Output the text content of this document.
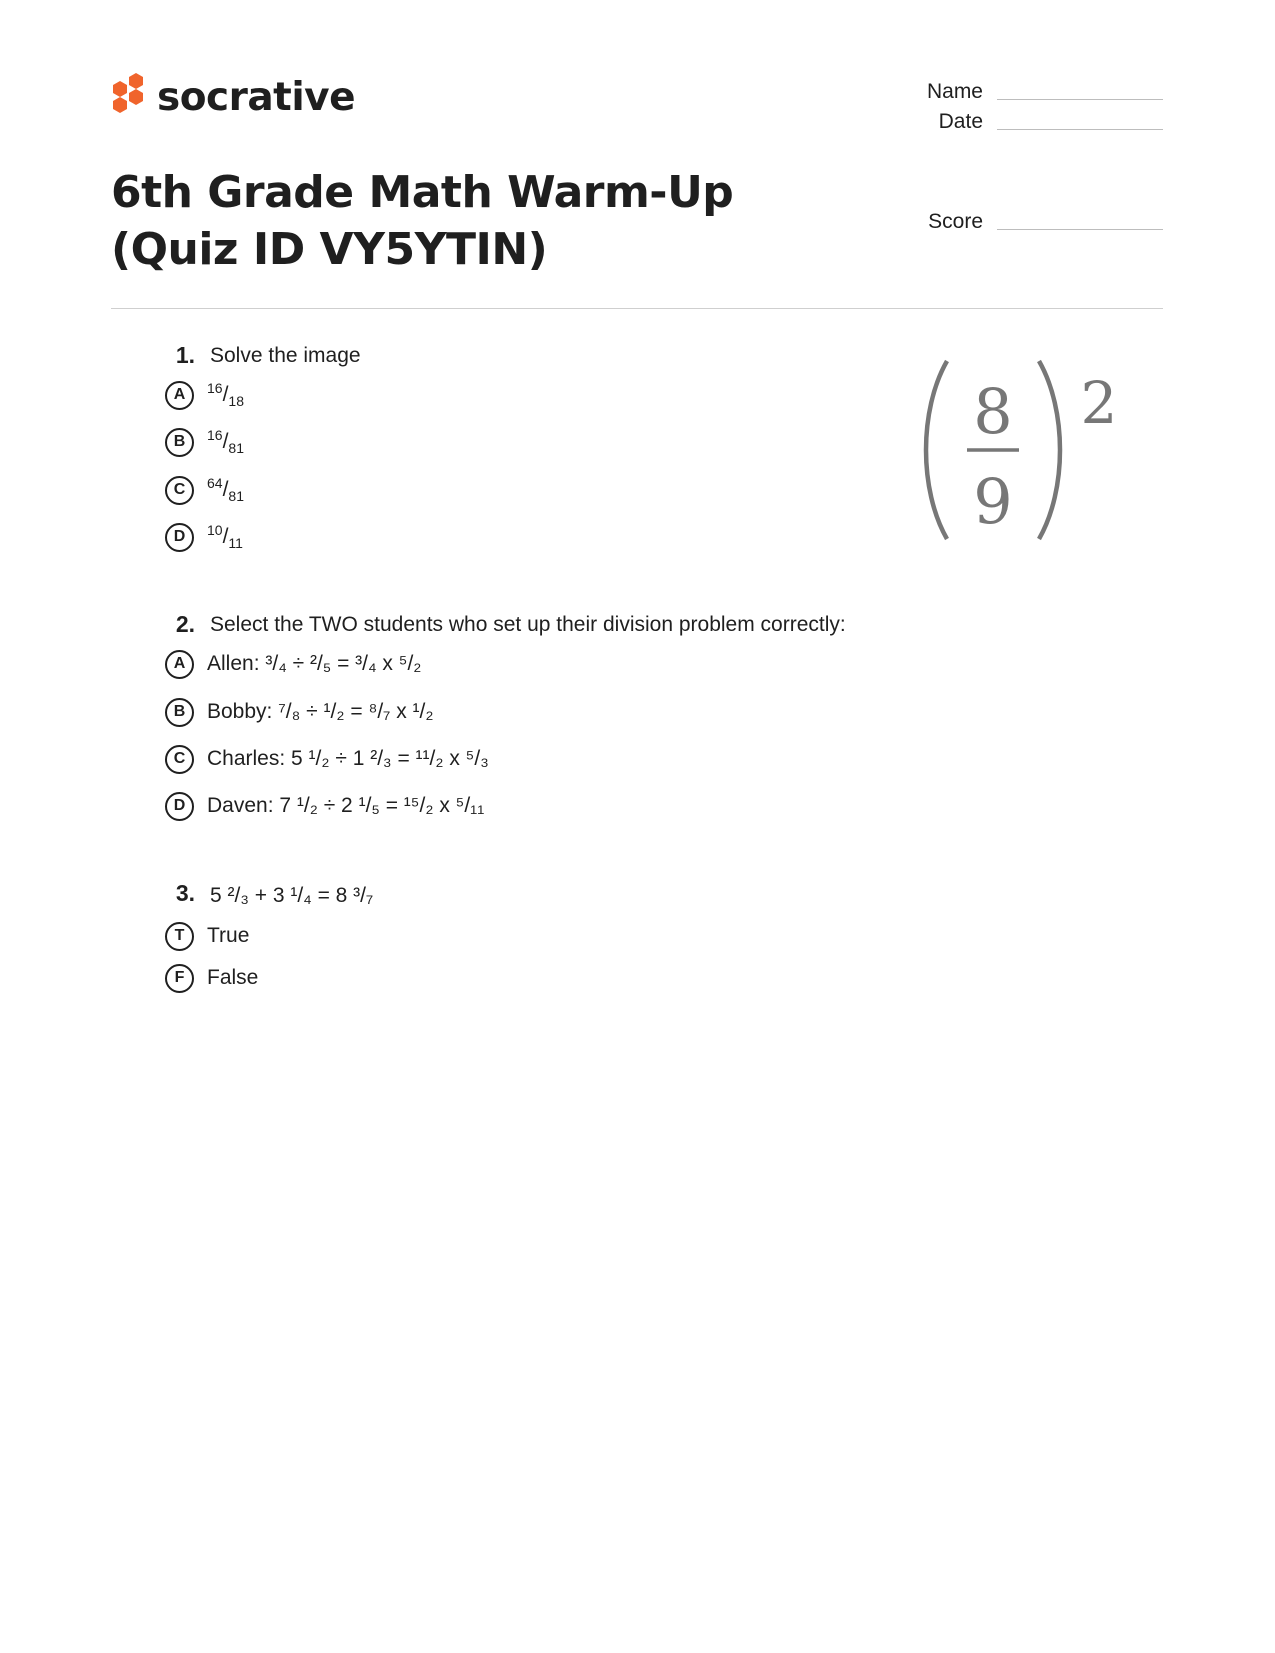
socrative	Name
Date
Score
6th Grade Math Warm-Up (Quiz ID VY5YTIN)
1. Solve the image
A	$^{16}/_{18}$
B	$^{16}/_{81}$
C	$^{64}/_{81}$
D	$^{10}/_{11}$
8
9
2
2. Select the TWO students who set up their division problem correctly:
A	Allen: ³/₄ ÷ ²/₅ = ³/₄ x ⁵/₂
B	Bobby: ⁷/₈ ÷ ¹/₂ = ⁸/₇ x ¹/₂
C	Charles: 5 ¹/₂ ÷ 1 ²/₃ = ¹¹/₂ x ⁵/₃
D	Daven: 7 ¹/₂ ÷ 2 ¹/₅ = ¹⁵/₂ x ⁵/₁₁
3. 5 ²/₃ + 3 ¹/₄ = 8 ³/₇
T	True
F	False
